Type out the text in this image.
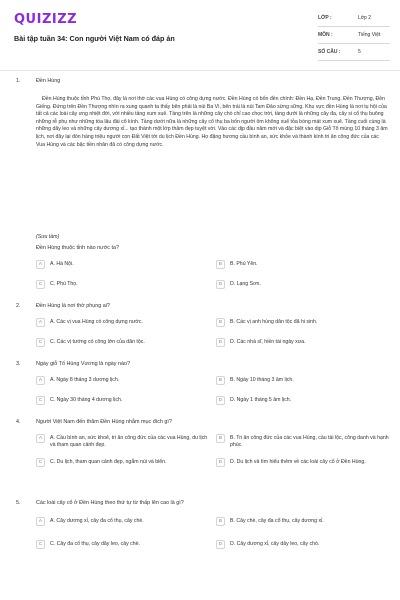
QUIZIZZ
Bài tập tuần 34: Con người Việt Nam có đáp án
LỚP :	Lớp 2
MÔN :	Tiếng Việt
SỐ CÂU :	5
1.	Đền Hùng
Đền Hùng thuộc tỉnh Phú Thọ, đây là nơi thờ các vua Hùng có công dựng nước. Đền Hùng có bốn đền chính: Đền Hạ, Đền Trung, Đền Thượng, Đền Giếng. Đứng trên Đền Thượng nhìn ra xung quanh ta thấy bên phải là núi Ba Vì, bên trái là núi Tam Đảo sừng sững. Khu vực đền Hùng là nơi tụ hội của tất cả các loài cây ưng nhiệt đới, với nhiều tầng xum xuê. Tầng trên là những cây chò chỉ cao chọc trời, tầng dưới là những cây đa, cây si cổ thụ buông những rễ phụ như những tóa lâu đài cổ kính. Tầng dưới nữa là những cây cổ thụ ba bốn người ôm không xuể tỏa bóng mát xum xuê. Tầng cuối cùng là những dây leo và những cây dương xỉ... tạo thành một lớp thảm đẹp tuyệt vời. Vào các dịp đầu năm mới và đặc biệt vào dịp Giỗ Tổ mùng 10 tháng 3 âm lịch, nơi đây lại đón hàng triệu người con Đất Việt tới du lịch Đền Hùng. Họ đặng hương cầu bình an, sức khỏe và thành kính tri ân công đức của các Vua Hùng và các bậc tiền nhân đã có công dựng nước.
(Sưu tầm)
Đền Hùng thuộc tỉnh nào nước ta?
A	A. Hà Nội.	B	B. Phú Yên.
C	C. Phú Thọ.	D	D. Lạng Sơn.
2.	Đền Hùng là nơi thờ phụng ai?
A	A. Các vị vua Hùng có công dựng nước.	B	B. Các vị anh hùng dân tộc đã hi sinh.
C	C. Các vị tướng có công lớn của dân tộc.	D	D. Các nhà sĩ, hiền tài ngày xưa.
3.	Ngày giỗ Tổ Hùng Vương là ngày nào?
A	A. Ngày 8 tháng 3 dương lịch.	B	B. Ngày 10 tháng 3 âm lịch.
C	C. Ngày 30 tháng 4 dương lịch.	D	D. Ngày 1 tháng 5 âm lịch.
4.	Người Việt Nam đến thăm Đền Hùng nhằm mục đích gì?
A	A. Cầu bình an, sức khoẻ, tri ân công đức của các vua Hùng, du lịch và tham quan cảnh đẹp.
B	B. Tri ân công đức của các vua Hùng, cầu tài lộc, công danh và hạnh phúc.
C	C. Du lịch, tham quan cảnh đẹp, ngắm núi và biển.	D	D. Du lịch và tìm hiểu thêm về các loài cây cổ ở Đền Hùng.
5.	Các loài cây cổ ở Đền Hùng theo thứ tự từ thấp lên cao là gì?
A	A. Cây dương xỉ, cây đa cổ thụ, cây chè.	B	B. Cây chè, cây đa cổ thụ, cây dương xỉ.
C	C. Cây đa cổ thụ, cây dây leo, cây chè.	D	D. Cây dương xỉ, cây dây leo, cây chò.
